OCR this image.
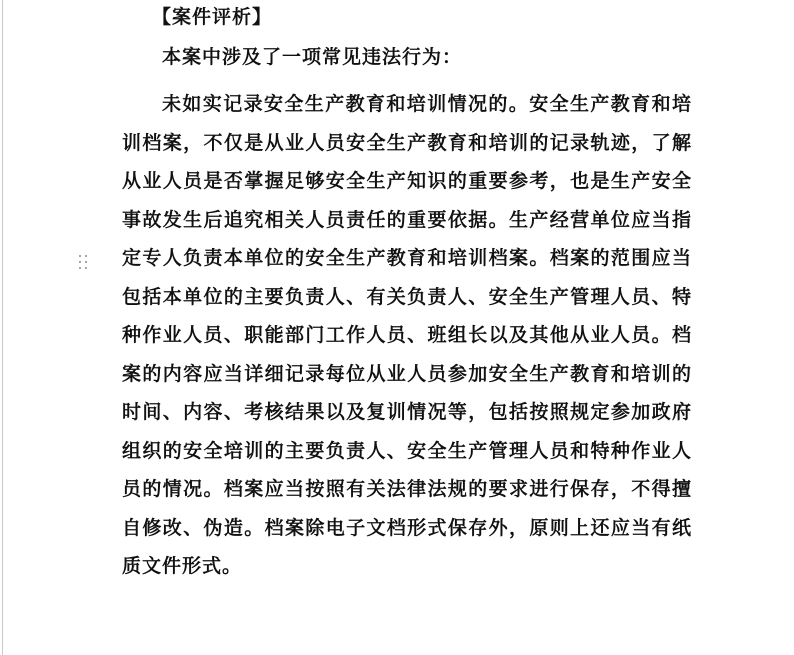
【案件评析】

本案中涉及了一项常见违法行为：

未如实记录安全生产教育和培训情况的。安全生产教育和培训档案，不仅是从业人员安全生产教育和培训的记录轨迹，了解从业人员是否掌握足够安全生产知识的重要参考，也是生产安全事故发生后追究相关人员责任的重要依据。生产经营单位应当指定专人负责本单位的安全生产教育和培训档案。档案的范围应当包括本单位的主要负责人、有关负责人、安全生产管理人员、特种作业人员、职能部门工作人员、班组长以及其他从业人员。档案的内容应当详细记录每位从业人员参加安全生产教育和培训的时间、内容、考核结果以及复训情况等，包括按照规定参加政府组织的安全培训的主要负责人、安全生产管理人员和特种作业人员的情况。档案应当按照有关法律法规的要求进行保存，不得擅自修改、伪造。档案除电子文档形式保存外，原则上还应当有纸质文件形式。
